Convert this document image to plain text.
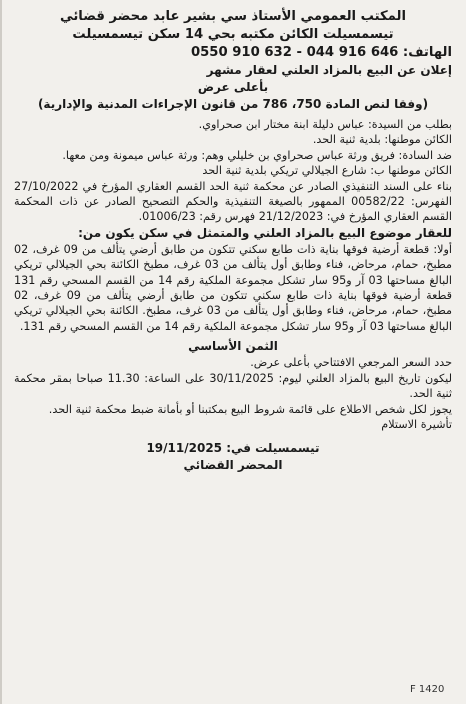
المكتب العمومي الأستاذ سي بشير عابد محضر قضائي

تيسمسيلت الكائن مكتبه بحي 14 سكن تيسمسيلت

الهاتف: 646 916 044 - 632 910 0550

إعلان عن البيع بالمزاد العلني لعقار مشهر

بأعلى عرض

(وفقا لنص المادة 750، 786 من قانون الإجراءات المدنية والإدارية)

بطلب من السيدة: عباس دليلة ابنة مختار ابن صحراوي.

الكائن موطنها: بلدية ثنية الحد.

ضد السادة: فريق ورثة عباس صحراوي بن خليلي وهم: ورثة عباس ميمونة ومن معها.

الكائن موطنها ب: شارع الجيلالي تريكي بلدية ثنية الحد

بناء على السند التنفيذي الصادر عن محكمة ثنية الحد القسم العقاري المؤرخ في 27/10/2022 الفهرس: 00582/22 الممهور بالصيغة التنفيذية والحكم التصحيح الصادر عن ذات المحكمة القسم العقاري المؤرخ في: 21/12/2023 فهرس رقم: 01006/23.

للعقار موضوع البيع بالمزاد العلني والمتمثل في سكن يكون من:

أولا: قطعة أرضية فوقها بناية ذات طابع سكني تتكون من طابق أرضي يتألف من 09 غرف، 02 مطبخ، حمام، مرحاض، فناء وطابق أول يتألف من 03 غرف، مطبخ الكائنة بحي الجيلالي تريكي البالغ مساحتها 03 آر و95 سار تشكل مجموعة الملكية رقم 14 من القسم المسحي رقم 131 قطعة أرضية فوقها بناية ذات طابع سكني تتكون من طابق أرضي يتألف من 09 غرف، 02 مطبخ، حمام، مرحاض، فناء وطابق أول يتألف من 03 غرف، مطبخ. الكائنة بحي الجيلالي تريكي البالغ مساحتها 03 آر و95 سار تشكل مجموعة الملكية رقم 14 من القسم المسحي رقم 131.

الثمن الأساسي

حدد السعر المرجعي الافتتاحي بأعلى عرض.

ليكون تاريخ البيع بالمزاد العلني ليوم: 30/11/2025 على الساعة: 11.30 صباحا بمقر محكمة ثنية الحد.

يجوز لكل شخص الاطلاع على قائمة شروط البيع بمكتبنا أو بأمانة ضبط محكمة ثنية الحد.

تأشيرة الاستلام

تيسمسيلت في: 19/11/2025

المحضر القضائي

F 1420
